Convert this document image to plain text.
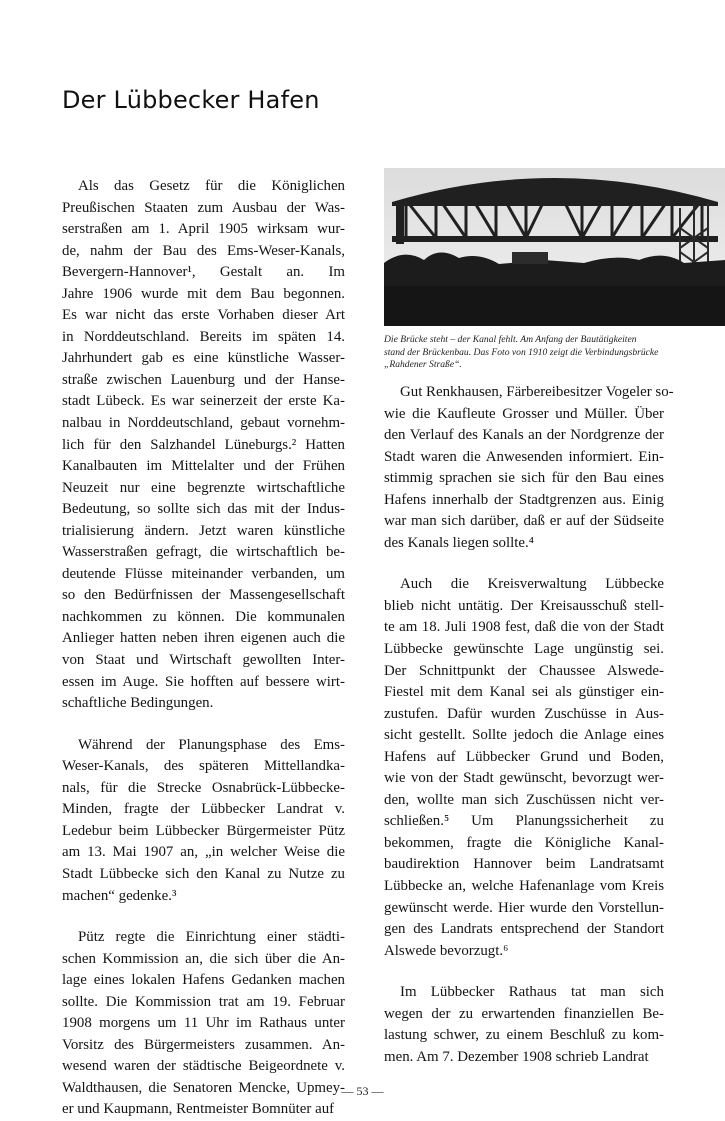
Der Lübbecker Hafen
Als das Gesetz für die Königlichen
Preußischen Staaten zum Ausbau der Was-
serstraßen am 1. April 1905 wirksam wur-
de, nahm der Bau des Ems-Weser-Kanals,
Bevergern-Hannover¹, Gestalt an. Im
Jahre 1906 wurde mit dem Bau begonnen.
Es war nicht das erste Vorhaben dieser Art
in Norddeutschland. Bereits im späten 14.
Jahrhundert gab es eine künstliche Wasser-
straße zwischen Lauenburg und der Hanse-
stadt Lübeck. Es war seinerzeit der erste Ka-
nalbau in Norddeutschland, gebaut vornehm-
lich für den Salzhandel Lüneburgs.² Hatten
Kanalbauten im Mittelalter und der Frühen
Neuzeit nur eine begrenzte wirtschaftliche
Bedeutung, so sollte sich das mit der Indus-
trialisierung ändern. Jetzt waren künstliche
Wasserstraßen gefragt, die wirtschaftlich be-
deutende Flüsse miteinander verbanden, um
so den Bedürfnissen der Massengesellschaft
nachkommen zu können. Die kommunalen
Anlieger hatten neben ihren eigenen auch die
von Staat und Wirtschaft gewollten Inter-
essen im Auge. Sie hofften auf bessere wirt-
schaftliche Bedingungen.
Während der Planungsphase des Ems-
Weser-Kanals, des späteren Mittellandka-
nals, für die Strecke Osnabrück-Lübbecke-
Minden, fragte der Lübbecker Landrat v.
Ledebur beim Lübbecker Bürgermeister Pütz
am 13. Mai 1907 an, „in welcher Weise die
Stadt Lübbecke sich den Kanal zu Nutze zu
machen“ gedenke.³
Pütz regte die Einrichtung einer städti-
schen Kommission an, die sich über die An-
lage eines lokalen Hafens Gedanken machen
sollte. Die Kommission trat am 19. Februar
1908 morgens um 11 Uhr im Rathaus unter
Vorsitz des Bürgermeisters zusammen. An-
wesend waren der städtische Beigeordnete v.
Waldthausen, die Senatoren Mencke, Upmey-
er und Kaupmann, Rentmeister Bomnüter auf
Die Brücke steht – der Kanal fehlt. Am Anfang der Bautätigkeiten
stand der Brückenbau. Das Foto von 1910 zeigt die Verbindungsbrücke
„Rahdener Straße“.
Gut Renkhausen, Färbereibesitzer Vogeler so-
wie die Kaufleute Grosser und Müller. Über
den Verlauf des Kanals an der Nordgrenze der
Stadt waren die Anwesenden informiert. Ein-
stimmig sprachen sie sich für den Bau eines
Hafens innerhalb der Stadtgrenzen aus. Einig
war man sich darüber, daß er auf der Südseite
des Kanals liegen sollte.⁴
Auch die Kreisverwaltung Lübbecke
blieb nicht untätig. Der Kreisausschuß stell-
te am 18. Juli 1908 fest, daß die von der Stadt
Lübbecke gewünschte Lage ungünstig sei.
Der Schnittpunkt der Chaussee Alswede-
Fiestel mit dem Kanal sei als günstiger ein-
zustufen. Dafür wurden Zuschüsse in Aus-
sicht gestellt. Sollte jedoch die Anlage eines
Hafens auf Lübbecker Grund und Boden,
wie von der Stadt gewünscht, bevorzugt wer-
den, wollte man sich Zuschüssen nicht ver-
schließen.⁵ Um Planungssicherheit zu
bekommen, fragte die Königliche Kanal-
baudirektion Hannover beim Landratsamt
Lübbecke an, welche Hafenanlage vom Kreis
gewünscht werde. Hier wurde den Vorstellun-
gen des Landrats entsprechend der Standort
Alswede bevorzugt.⁶
Im Lübbecker Rathaus tat man sich
wegen der zu erwartenden finanziellen Be-
lastung schwer, zu einem Beschluß zu kom-
men. Am 7. Dezember 1908 schrieb Landrat
— 53 —
